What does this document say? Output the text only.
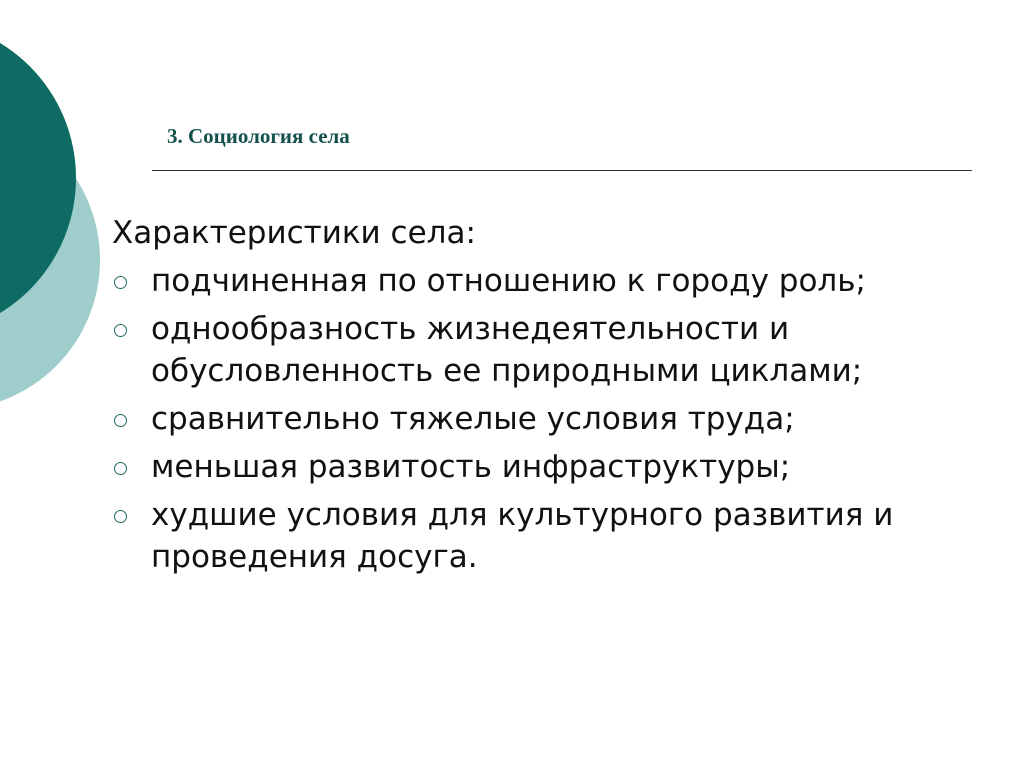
3. Социология села
Характеристики села:
подчиненная по отношению к городу роль;
однообразность жизнедеятельности и обусловленность ее природными циклами;
сравнительно тяжелые условия труда;
меньшая развитость инфраструктуры;
худшие условия для культурного развития и проведения досуга.
